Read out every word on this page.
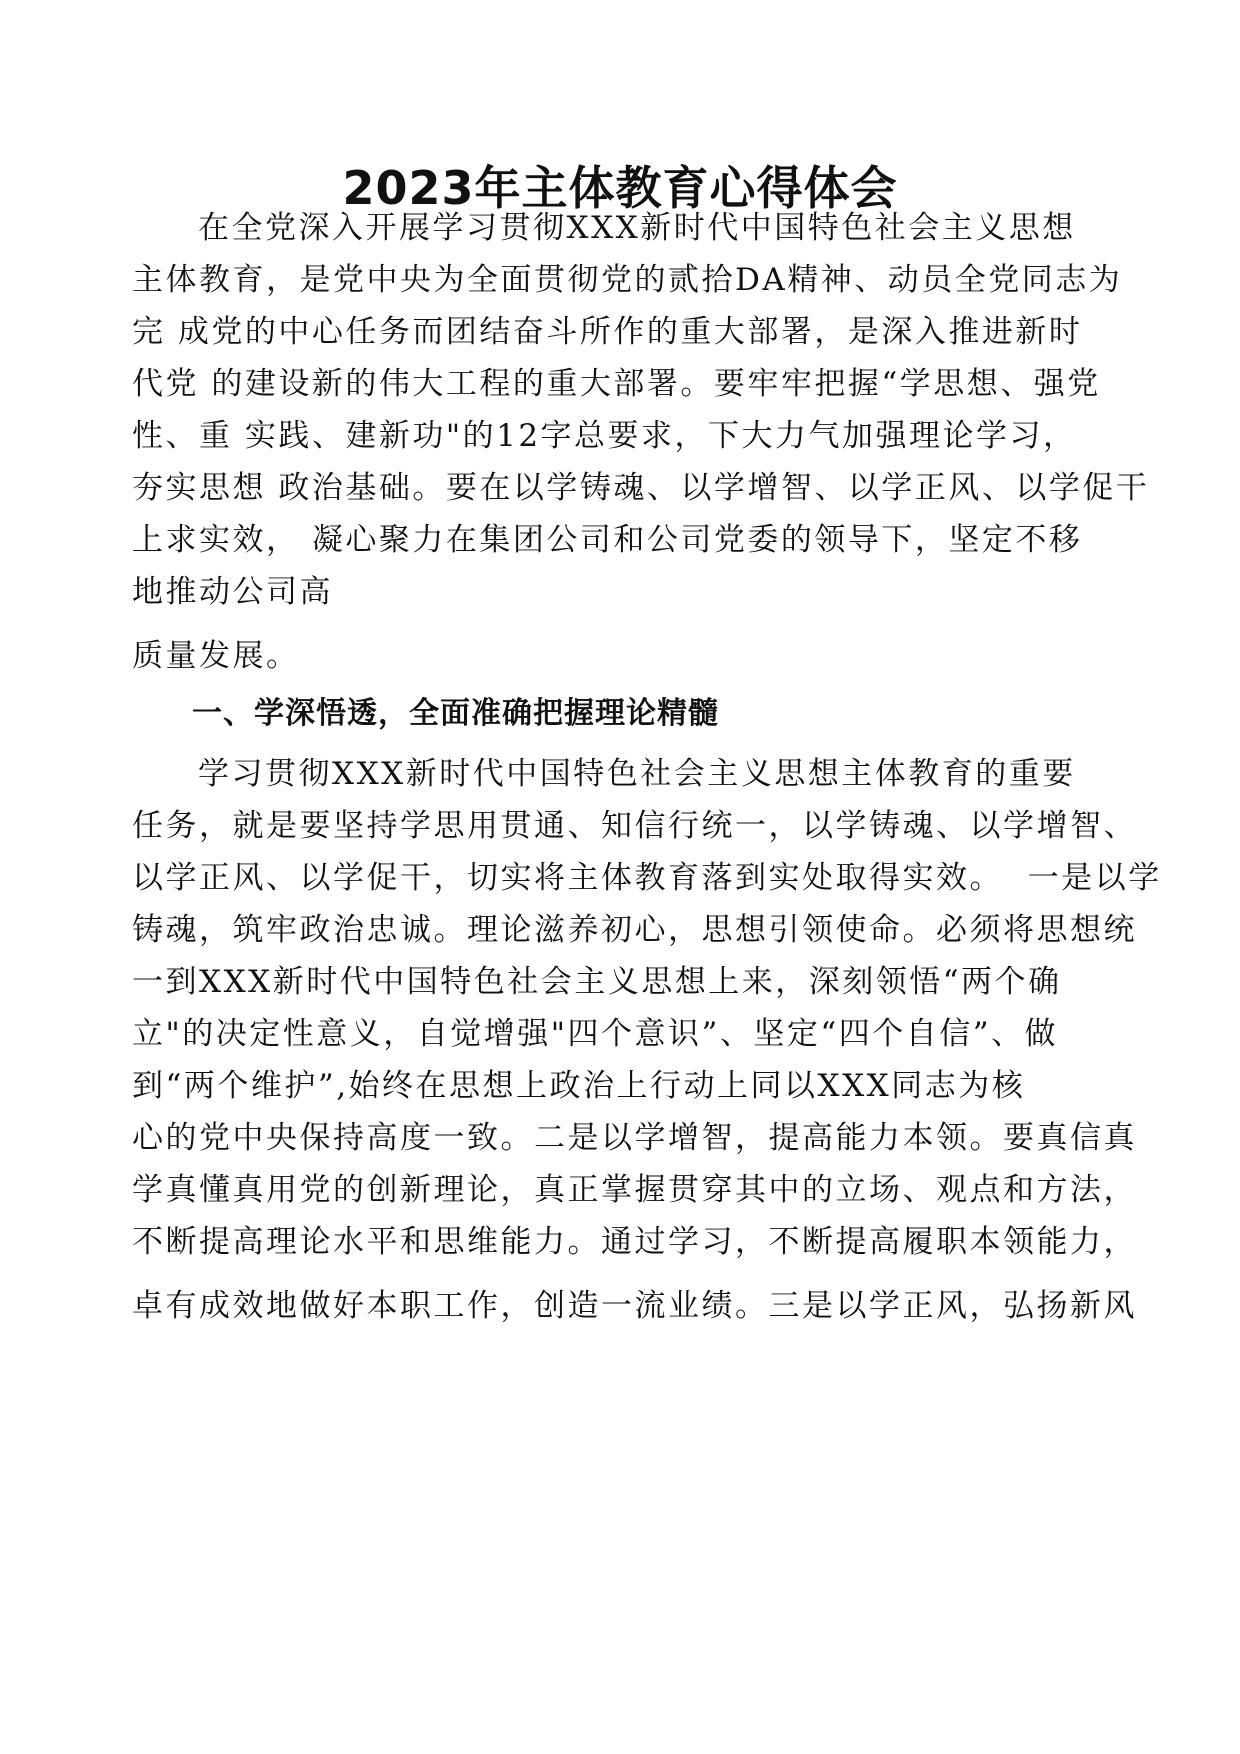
2023年主体教育心得体会

在全党深入开展学习贯彻XXX新时代中国特色社会主义思想

主体教育，是党中央为全面贯彻党的贰拾DA精神、动员全党同志为

完 成党的中心任务而团结奋斗所作的重大部署，是深入推进新时

代党 的建设新的伟大工程的重大部署。要牢牢把握“学思想、强党

性、重 实践、建新功"的12字总要求，下大力气加强理论学习，

夯实思想 政治基础。要在以学铸魂、以学增智、以学正风、以学促干

上求实效， 凝心聚力在集团公司和公司党委的领导下，坚定不移

地推动公司高

质量发展。

一、学深悟透，全面准确把握理论精髓

学习贯彻XXX新时代中国特色社会主义思想主体教育的重要

任务，就是要坚持学思用贯通、知信行统一，以学铸魂、以学增智、

以学正风、以学促干，切实将主体教育落到实处取得实效。  一是以学

铸魂，筑牢政治忠诚。理论滋养初心，思想引领使命。必须将思想统

一到XXX新时代中国特色社会主义思想上来，深刻领悟“两个确

立"的决定性意义，自觉增强"四个意识”、坚定“四个自信”、做

到“两个维护”,始终在思想上政治上行动上同以XXX同志为核

心的党中央保持高度一致。二是以学增智，提高能力本领。要真信真

学真懂真用党的创新理论，真正掌握贯穿其中的立场、观点和方法，

不断提高理论水平和思维能力。通过学习，不断提高履职本领能力，

卓有成效地做好本职工作，创造一流业绩。三是以学正风，弘扬新风
